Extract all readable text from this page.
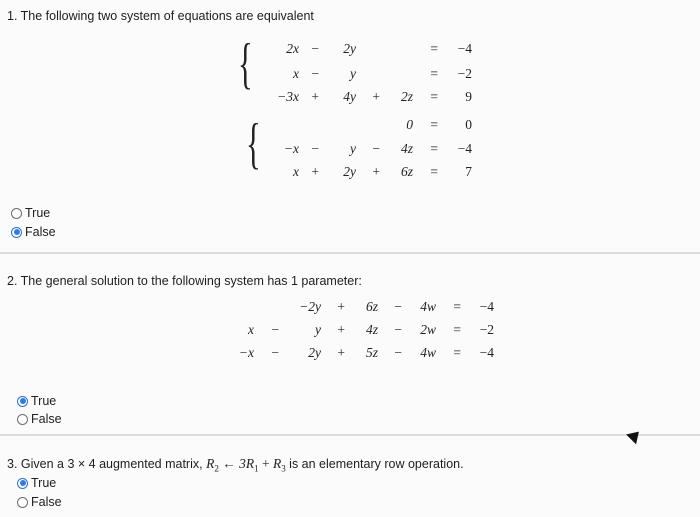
1. The following two system of equations are equivalent
{	2x −	2y	=	−4
x −	y	=	−2
−3x +	4y	+	2z	=	9
{	0	=	0
−x −	y	−	4z	=	−4
x +	2y	+	6z	=	7
True
False
2. The general solution to the following system has 1 parameter:
−2y	+	6z	−	4w	=	−4
x	−	y	+	4z	−	2w	=	−2
−x	−	2y	+	5z	−	4w	=	−4
True
False
3. Given a 3 × 4 augmented matrix, $R_2$ ← $3R_1 + R_3$ is an elementary row operation.
True
False
